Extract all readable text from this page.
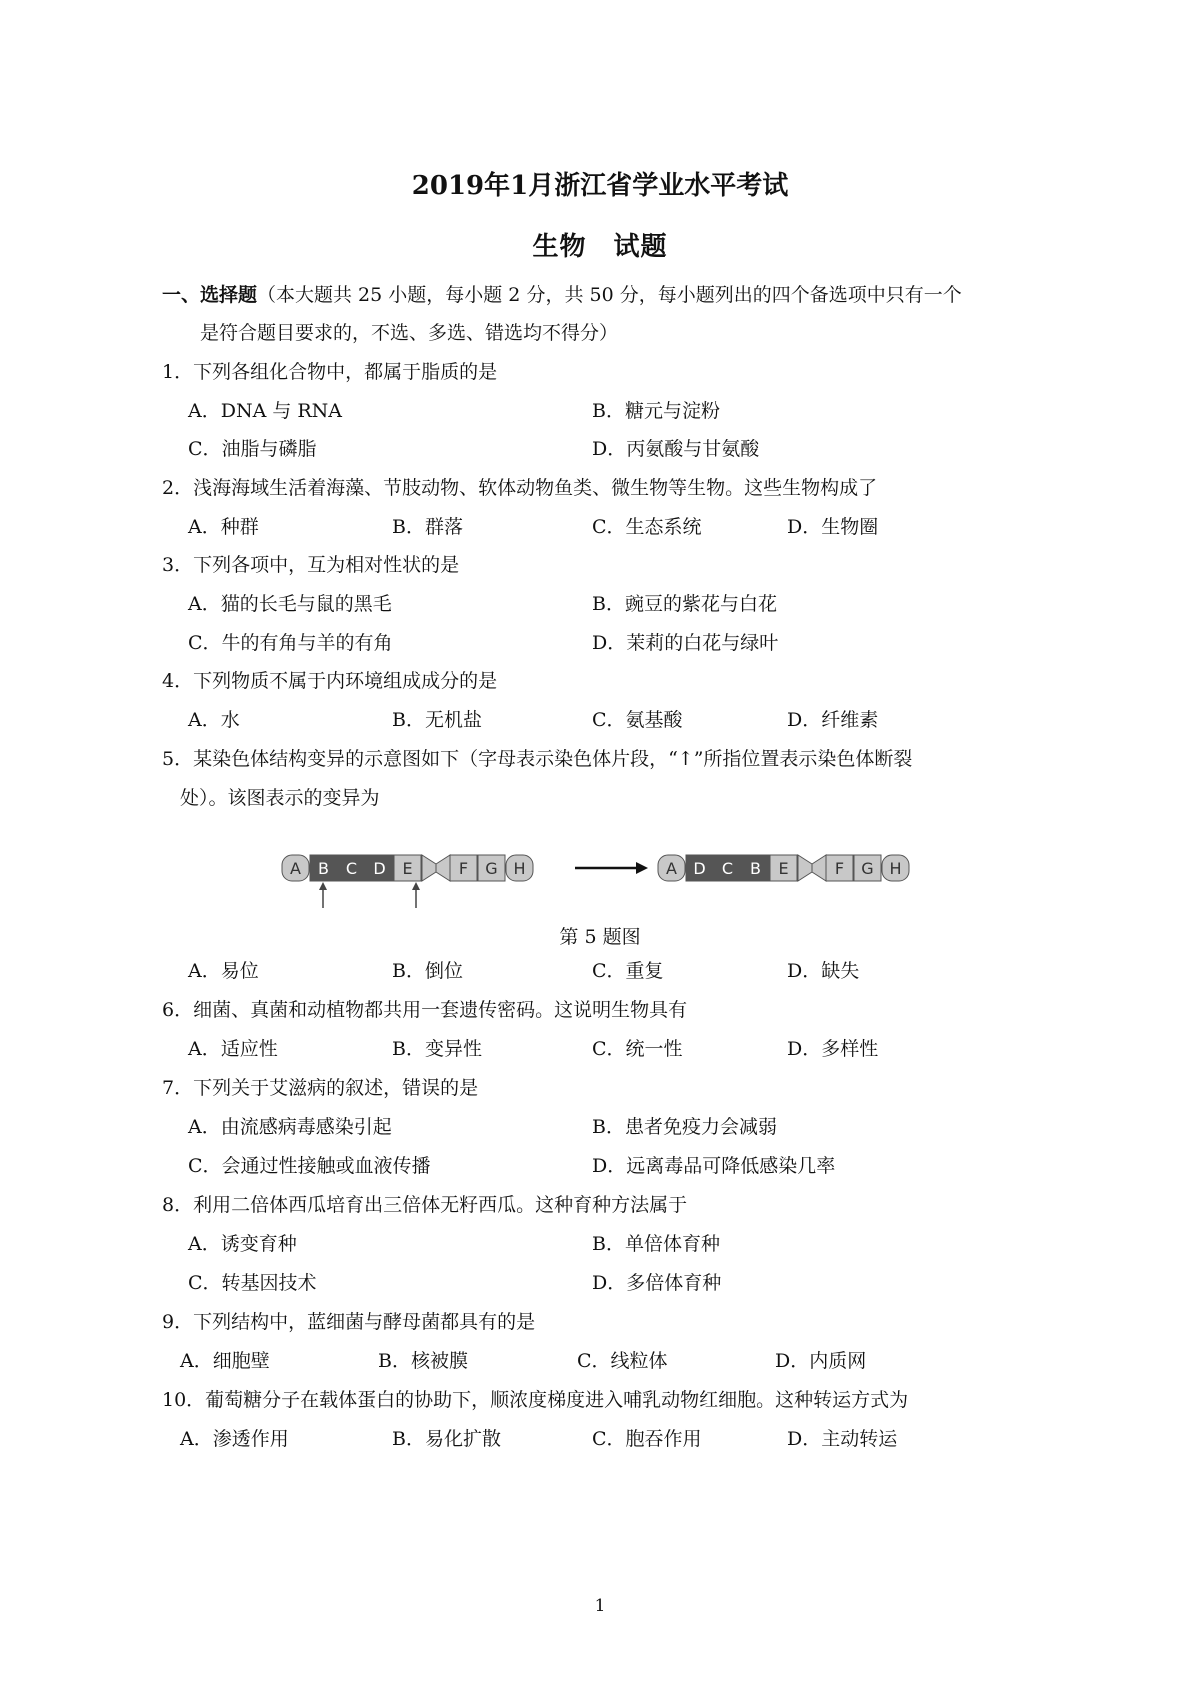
2019年1月浙江省学业水平考试
生物　试题
一、选择题（本大题共 25 小题，每小题 2 分，共 50 分，每小题列出的四个备选项中只有一个
是符合题目要求的，不选、多选、错选均不得分）
1．下列各组化合物中，都属于脂质的是
A．DNA 与 RNA	B．糖元与淀粉
C．油脂与磷脂	D．丙氨酸与甘氨酸
2．浅海海域生活着海藻、节肢动物、软体动物鱼类、微生物等生物。这些生物构成了
A．种群	B．群落	C．生态系统	D．生物圈
3．下列各项中，互为相对性状的是
A．猫的长毛与鼠的黑毛	B．豌豆的紫花与白花
C．牛的有角与羊的有角	D．茉莉的白花与绿叶
4．下列物质不属于内环境组成成分的是
A．水	B．无机盐	C．氨基酸	D．纤维素
5．某染色体结构变异的示意图如下（字母表示染色体片段，“↑”所指位置表示染色体断裂
处）。该图表示的变异为
A B C D E	F G H	A D C B E	F G H
第 5 题图
A．易位	B．倒位	C．重复	D．缺失
6．细菌、真菌和动植物都共用一套遗传密码。这说明生物具有
A．适应性	B．变异性	C．统一性	D．多样性
7．下列关于艾滋病的叙述，错误的是
A．由流感病毒感染引起	B．患者免疫力会减弱
C．会通过性接触或血液传播	D．远离毒品可降低感染几率
8．利用二倍体西瓜培育出三倍体无籽西瓜。这种育种方法属于
A．诱变育种	B．单倍体育种
C．转基因技术	D．多倍体育种
9．下列结构中，蓝细菌与酵母菌都具有的是
A．细胞壁	B．核被膜	C．线粒体	D．内质网
10．葡萄糖分子在载体蛋白的协助下，顺浓度梯度进入哺乳动物红细胞。这种转运方式为
A．渗透作用	B．易化扩散	C．胞吞作用	D．主动转运
1
